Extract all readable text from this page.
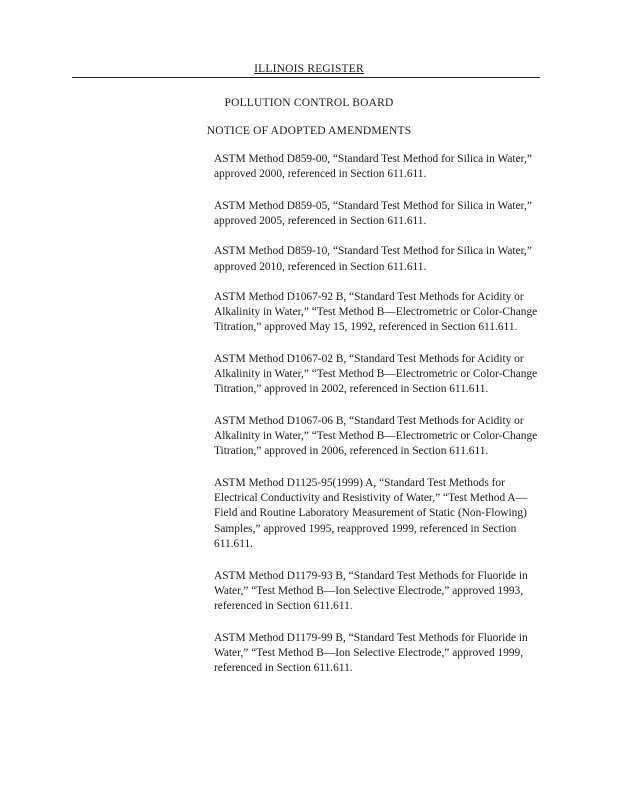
ILLINOIS REGISTER
POLLUTION CONTROL BOARD
NOTICE OF ADOPTED AMENDMENTS

ASTM Method D859-00, “Standard Test Method for Silica in Water,” approved 2000, referenced in Section 611.611.

ASTM Method D859-05, “Standard Test Method for Silica in Water,” approved 2005, referenced in Section 611.611.

ASTM Method D859-10, “Standard Test Method for Silica in Water,” approved 2010, referenced in Section 611.611.

ASTM Method D1067-92 B, “Standard Test Methods for Acidity or Alkalinity in Water,” “Test Method B—Electrometric or Color-Change Titration,” approved May 15, 1992, referenced in Section 611.611.

ASTM Method D1067-02 B, “Standard Test Methods for Acidity or Alkalinity in Water,” “Test Method B—Electrometric or Color-Change Titration,” approved in 2002, referenced in Section 611.611.

ASTM Method D1067-06 B, “Standard Test Methods for Acidity or Alkalinity in Water,” “Test Method B—Electrometric or Color-Change Titration,” approved in 2006, referenced in Section 611.611.

ASTM Method D1125-95(1999) A, “Standard Test Methods for Electrical Conductivity and Resistivity of Water,” “Test Method A—Field and Routine Laboratory Measurement of Static (Non-Flowing) Samples,” approved 1995, reapproved 1999, referenced in Section 611.611.

ASTM Method D1179-93 B, “Standard Test Methods for Fluoride in Water,” “Test Method B—Ion Selective Electrode,” approved 1993, referenced in Section 611.611.

ASTM Method D1179-99 B, “Standard Test Methods for Fluoride in Water,” “Test Method B—Ion Selective Electrode,” approved 1999, referenced in Section 611.611.
